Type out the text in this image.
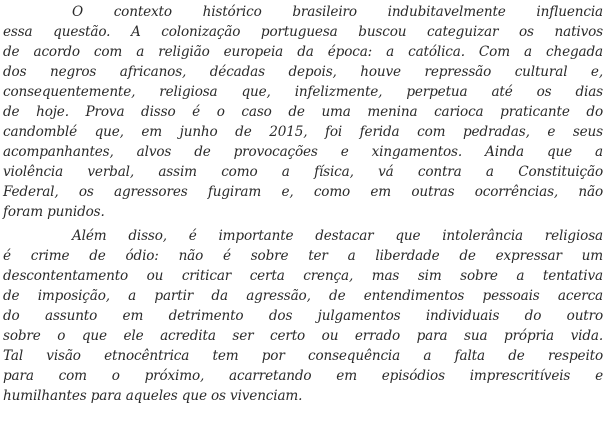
O contexto histórico brasileiro indubitavelmente influencia
essa questão. A colonização portuguesa buscou categuizar os nativos
de acordo com a religião europeia da época: a católica. Com a chegada
dos negros africanos, décadas depois, houve repressão cultural e,
consequentemente, religiosa que, infelizmente, perpetua até os dias
de hoje. Prova disso é o caso de uma menina carioca praticante do
candomblé que, em junho de 2015, foi ferida com pedradas, e seus
acompanhantes, alvos de provocações e xingamentos. Ainda que a
violência verbal, assim como a física, vá contra a Constituição
Federal, os agressores fugiram e, como em outras ocorrências, não
foram punidos.
Além disso, é importante destacar que intolerância religiosa
é crime de ódio: não é sobre ter a liberdade de expressar um
descontentamento ou criticar certa crença, mas sim sobre a tentativa
de imposição, a partir da agressão, de entendimentos pessoais acerca
do assunto em detrimento dos julgamentos individuais do outro
sobre o que ele acredita ser certo ou errado para sua própria vida.
Tal visão etnocêntrica tem por consequência a falta de respeito
para com o próximo, acarretando em episódios imprescritíveis e
humilhantes para aqueles que os vivenciam.
